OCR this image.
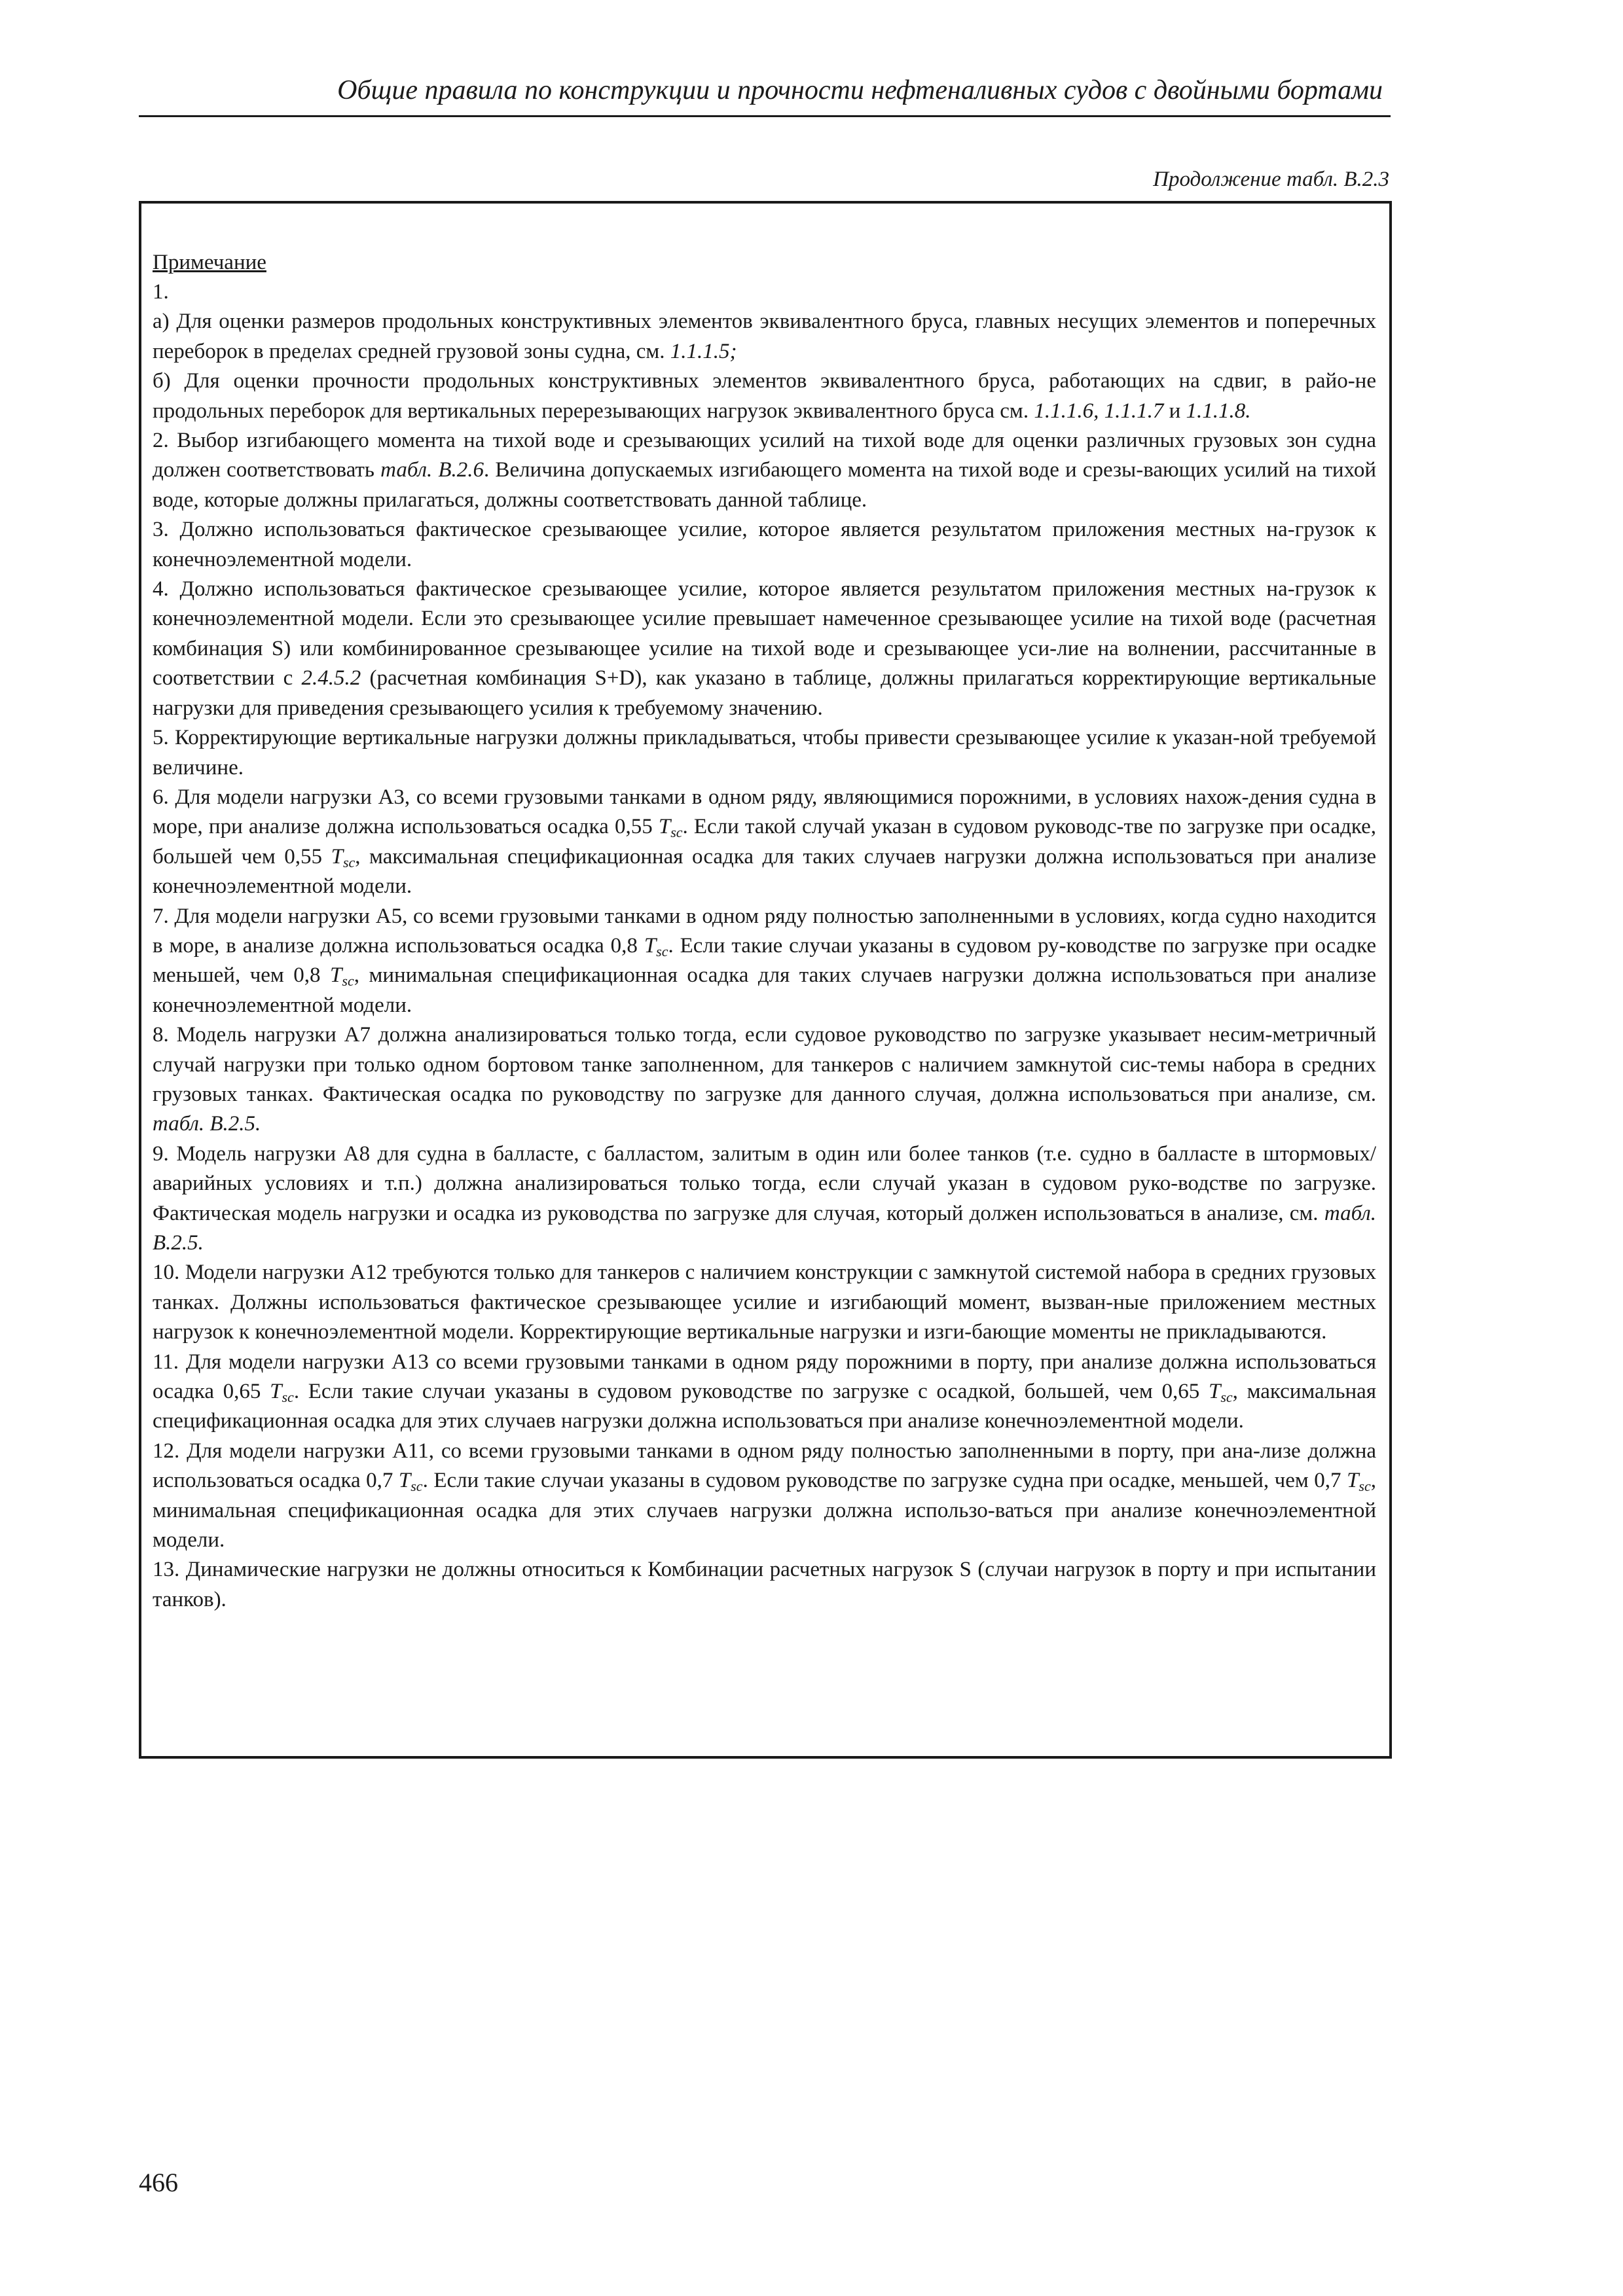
Общие правила по конструкции и прочности нефтеналивных судов с двойными бортами
Продолжение табл. В.2.3
Примечание

1.

а) Для оценки размеров продольных конструктивных элементов эквивалентного бруса, главных несущих элементов и поперечных переборок в пределах средней грузовой зоны судна, см. 1.1.1.5;

б) Для оценки прочности продольных конструктивных элементов эквивалентного бруса, работающих на сдвиг, в райо-не продольных переборок для вертикальных перерезывающих нагрузок эквивалентного бруса см. 1.1.1.6, 1.1.1.7 и 1.1.1.8.

2. Выбор изгибающего момента на тихой воде и срезывающих усилий на тихой воде для оценки различных грузовых зон судна должен соответствовать табл. В.2.6. Величина допускаемых изгибающего момента на тихой воде и срезы-вающих усилий на тихой воде, которые должны прилагаться, должны соответствовать данной таблице.

3. Должно использоваться фактическое срезывающее усилие, которое является результатом приложения местных на-грузок к конечноэлементной модели.

4. Должно использоваться фактическое срезывающее усилие, которое является результатом приложения местных на-грузок к конечноэлементной модели. Если это срезывающее усилие превышает намеченное срезывающее усилие на тихой воде (расчетная комбинация S) или комбинированное срезывающее усилие на тихой воде и срезывающее уси-лие на волнении, рассчитанные в соответствии с 2.4.5.2 (расчетная комбинация S+D), как указано в таблице, должны прилагаться корректирующие вертикальные нагрузки для приведения срезывающего усилия к требуемому значению.

5. Корректирующие вертикальные нагрузки должны прикладываться, чтобы привести срезывающее усилие к указан-ной требуемой величине.

6. Для модели нагрузки А3, со всеми грузовыми танками в одном ряду, являющимися порожними, в условиях нахож-дения судна в море, при анализе должна использоваться осадка 0,55 $T_{sc}$. Если такой случай указан в судовом руководс-тве по загрузке при осадке, большей чем 0,55 $T_{sc}$, максимальная спецификационная осадка для таких случаев нагрузки должна использоваться при анализе конечноэлементной модели.

7. Для модели нагрузки А5, со всеми грузовыми танками в одном ряду полностью заполненными в условиях, когда судно находится в море, в анализе должна использоваться осадка 0,8 $T_{sc}$. Если такие случаи указаны в судовом ру-ководстве по загрузке при осадке меньшей, чем 0,8 $T_{sc}$, минимальная спецификационная осадка для таких случаев нагрузки должна использоваться при анализе конечноэлементной модели.

8. Модель нагрузки А7 должна анализироваться только тогда, если судовое руководство по загрузке указывает несим-метричный случай нагрузки при только одном бортовом танке заполненном, для танкеров с наличием замкнутой сис-темы набора в средних грузовых танках. Фактическая осадка по руководству по загрузке для данного случая, должна использоваться при анализе, см. табл. В.2.5.

9. Модель нагрузки А8 для судна в балласте, с балластом, залитым в один или более танков (т.е. судно в балласте в штормовых/аварийных условиях и т.п.) должна анализироваться только тогда, если случай указан в судовом руко-водстве по загрузке. Фактическая модель нагрузки и осадка из руководства по загрузке для случая, который должен использоваться в анализе, см. табл. В.2.5.

10. Модели нагрузки А12 требуются только для танкеров с наличием конструкции с замкнутой системой набора в средних грузовых танках. Должны использоваться фактическое срезывающее усилие и изгибающий момент, вызван-ные приложением местных нагрузок к конечноэлементной модели. Корректирующие вертикальные нагрузки и изги-бающие моменты не прикладываются.

11. Для модели нагрузки А13 со всеми грузовыми танками в одном ряду порожними в порту, при анализе должна использоваться осадка 0,65 $T_{sc}$. Если такие случаи указаны в судовом руководстве по загрузке с осадкой, большей, чем 0,65 $T_{sc}$, максимальная спецификационная осадка для этих случаев нагрузки должна использоваться при анализе конечноэлементной модели.

12. Для модели нагрузки А11, со всеми грузовыми танками в одном ряду полностью заполненными в порту, при ана-лизе должна использоваться осадка 0,7 $T_{sc}$. Если такие случаи указаны в судовом руководстве по загрузке судна при осадке, меньшей, чем 0,7 $T_{sc}$, минимальная спецификационная осадка для этих случаев нагрузки должна использо-ваться при анализе конечноэлементной модели.

13. Динамические нагрузки не должны относиться к Комбинации расчетных нагрузок S (случаи нагрузок в порту и при испытании танков).

466
